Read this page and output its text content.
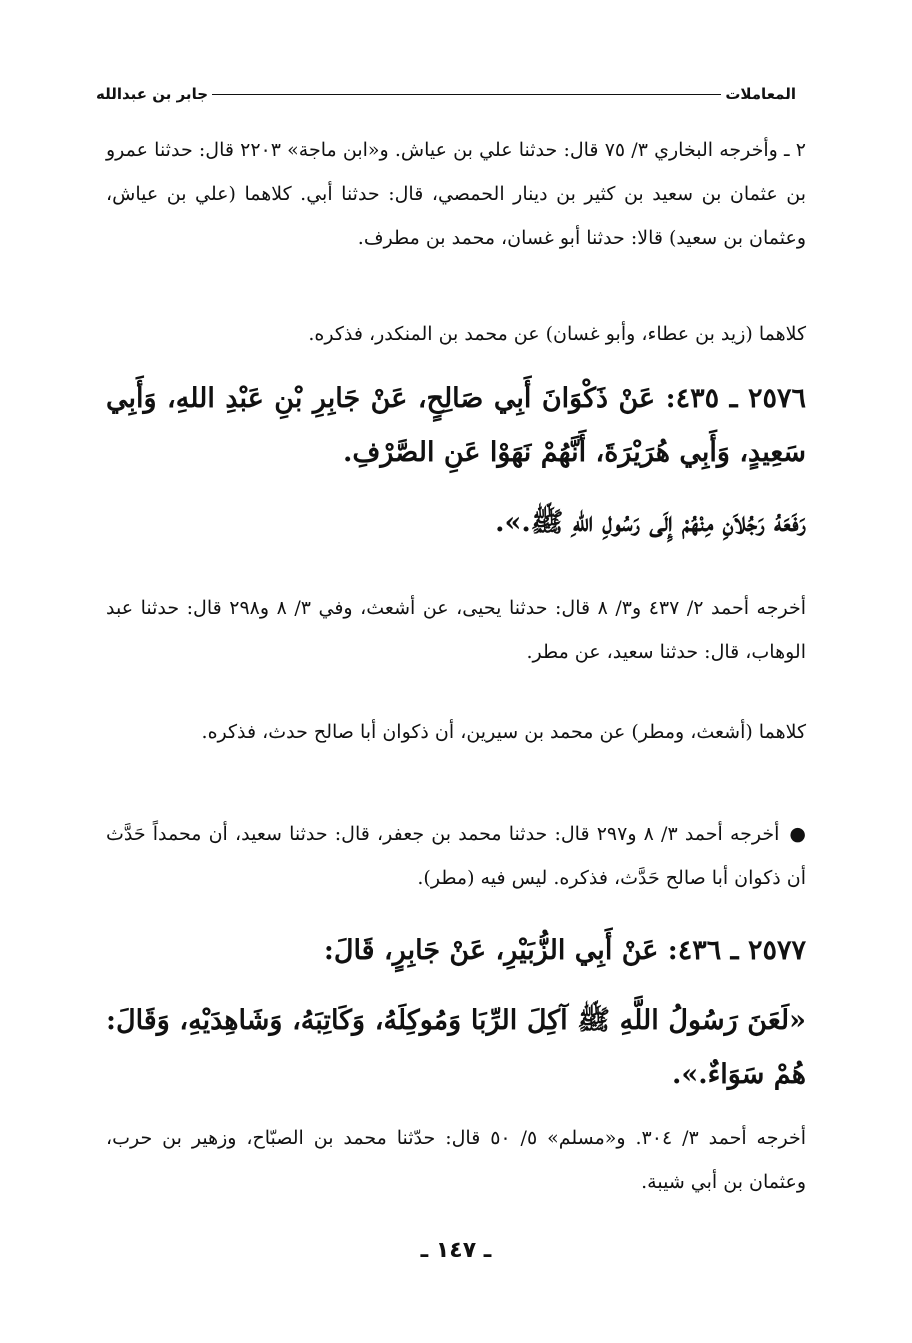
المعاملات
جابر بن عبدالله
٢ ـ وأخرجه البخاري ٣/ ٧٥ قال: حدثنا علي بن عياش. و«ابن ماجة» ٢٢٠٣ قال: حدثنا عمرو بن عثمان بن سعيد بن كثير بن دينار الحمصي، قال: حدثنا أبي. كلاهما (علي بن عياش، وعثمان بن سعيد) قالا: حدثنا أبو غسان، محمد بن مطرف.
كلاهما (زيد بن عطاء، وأبو غسان) عن محمد بن المنكدر، فذكره.
٢٥٧٦ ـ ٤٣٥: عَنْ ذَكْوَانَ أَبِي صَالِحٍ، عَنْ جَابِرِ بْنِ عَبْدِ اللهِ، وَأَبِي سَعِيدٍ، وَأَبِي هُرَيْرَةَ، أَنَّهُمْ نَهَوْا عَنِ الصَّرْفِ.
رَفَعَهُ رَجُلاَنِ مِنْهُمْ إِلَى رَسُولِ اللهِ ﷺ.».
أخرجه أحمد ٢/ ٤٣٧ و٣/ ٨ قال: حدثنا يحيى، عن أشعث، وفي ٣/ ٨ و٢٩٨ قال: حدثنا عبد الوهاب، قال: حدثنا سعيد، عن مطر.
كلاهما (أشعث، ومطر) عن محمد بن سيرين، أن ذكوان أبا صالح حدث، فذكره.
●أخرجه أحمد ٣/ ٨ و٢٩٧ قال: حدثنا محمد بن جعفر، قال: حدثنا سعيد، أن محمداً حَدَّث أن ذكوان أبا صالح حَدَّث، فذكره. ليس فيه (مطر).
٢٥٧٧ ـ ٤٣٦: عَنْ أَبِي الزُّبَيْرِ، عَنْ جَابِرٍ، قَالَ:
«لَعَنَ رَسُولُ اللَّهِ ﷺ آكِلَ الرِّبَا وَمُوكِلَهُ، وَكَاتِبَهُ، وَشَاهِدَيْهِ، وَقَالَ: هُمْ سَوَاءٌ.».
أخرجه أحمد ٣/ ٣٠٤. و«مسلم» ٥/ ٥٠ قال: حدّثنا محمد بن الصبّاح، وزهير بن حرب، وعثمان بن أبي شيبة.
ـ ١٤٧ ـ
